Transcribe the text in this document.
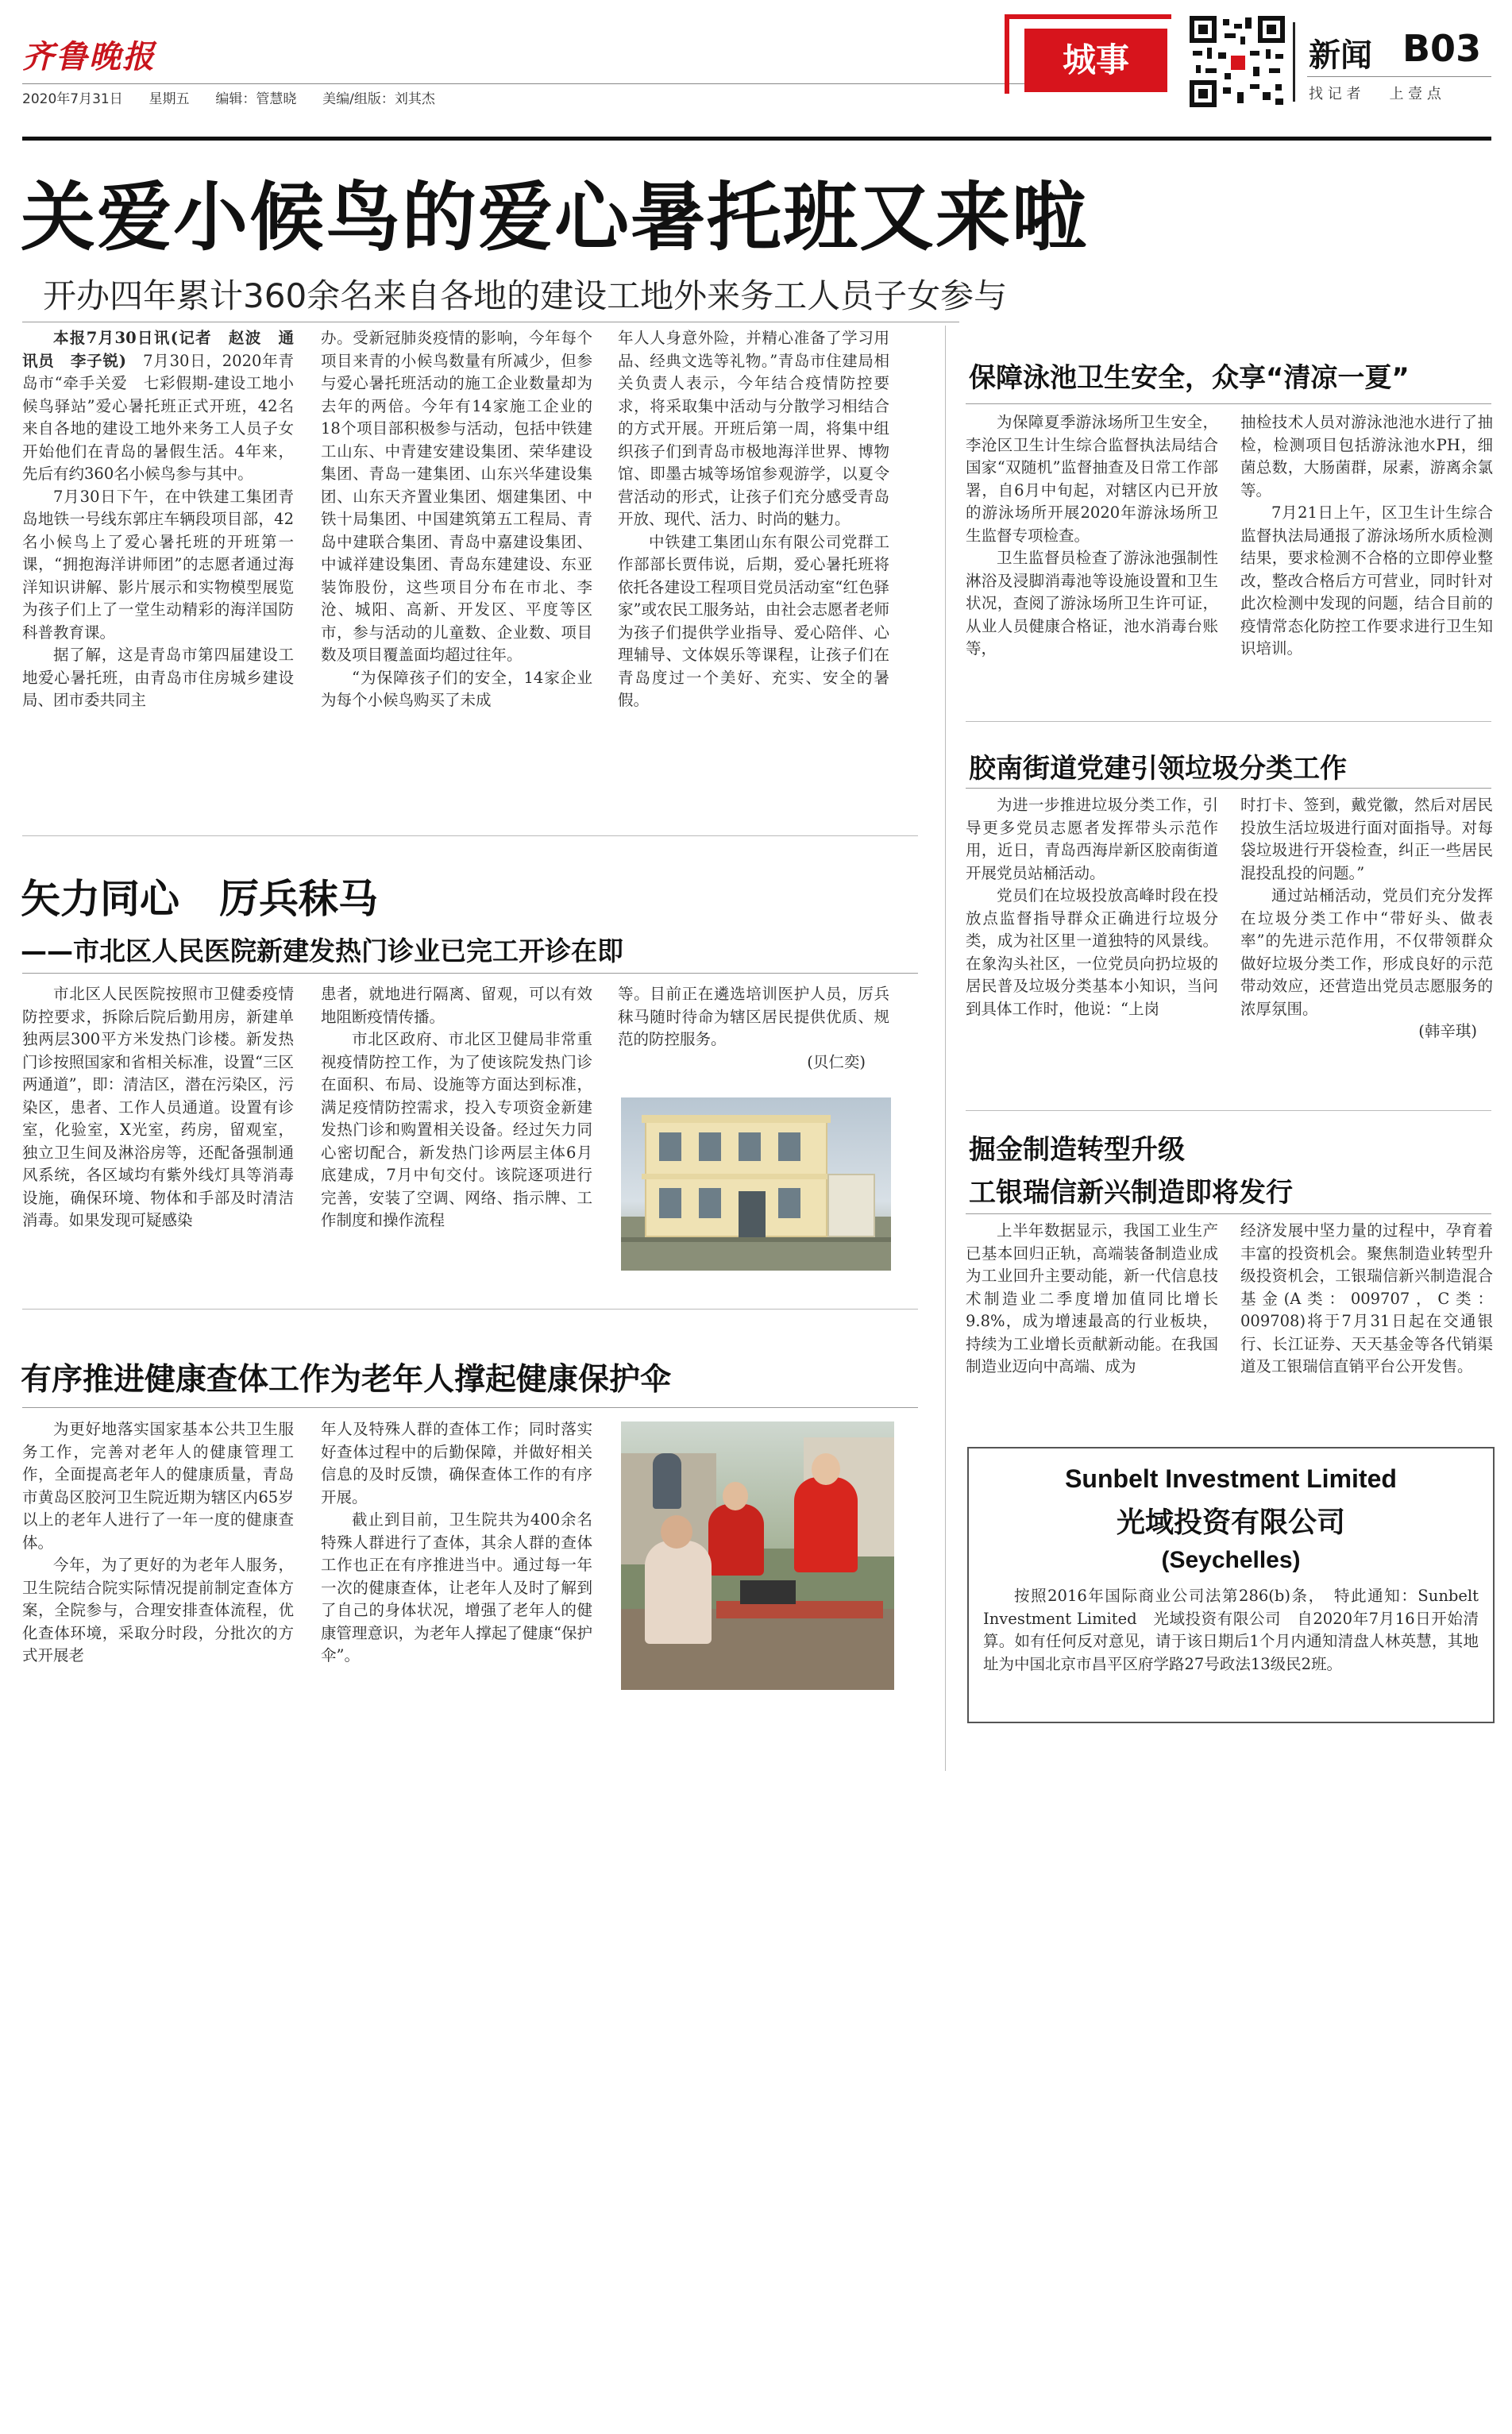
齐鲁晚报
2020年7月31日 星期五 编辑：管慧晓 美编/组版：刘其杰
城事	新闻 B03
找 记 者　　上 壹 点
关爱小候鸟的爱心暑托班又来啦
开办四年累计360余名来自各地的建设工地外来务工人员子女参与

本报7月30日讯(记者　赵波　通讯员　李子锐)　7月30日，2020年青岛市“牵手关爱　七彩假期-建设工地小候鸟驿站”爱心暑托班正式开班，42名来自各地的建设工地外来务工人员子女开始他们在青岛的暑假生活。4年来，先后有约360名小候鸟参与其中。

7月30日下午，在中铁建工集团青岛地铁一号线东郭庄车辆段项目部，42名小候鸟上了爱心暑托班的开班第一课，“拥抱海洋讲师团”的志愿者通过海洋知识讲解、影片展示和实物模型展览为孩子们上了一堂生动精彩的海洋国防科普教育课。

据了解，这是青岛市第四届建设工地爱心暑托班，由青岛市住房城乡建设局、团市委共同主

办。受新冠肺炎疫情的影响，今年每个项目来青的小候鸟数量有所减少，但参与爱心暑托班活动的施工企业数量却为去年的两倍。今年有14家施工企业的18个项目部积极参与活动，包括中铁建工山东、中青建安建设集团、荣华建设集团、青岛一建集团、山东兴华建设集团、山东天齐置业集团、烟建集团、中铁十局集团、中国建筑第五工程局、青岛中建联合集团、青岛中嘉建设集团、中诚祥建设集团、青岛东建建设、东亚装饰股份，这些项目分布在市北、李沧、城阳、高新、开发区、平度等区市，参与活动的儿童数、企业数、项目数及项目覆盖面均超过往年。

“为保障孩子们的安全，14家企业为每个小候鸟购买了未成

年人人身意外险，并精心准备了学习用品、经典文选等礼物。”青岛市住建局相关负责人表示，今年结合疫情防控要求，将采取集中活动与分散学习相结合的方式开展。开班后第一周，将集中组织孩子们到青岛市极地海洋世界、博物馆、即墨古城等场馆参观游学，以夏令营活动的形式，让孩子们充分感受青岛开放、现代、活力、时尚的魅力。

中铁建工集团山东有限公司党群工作部部长贾伟说，后期，爱心暑托班将依托各建设工程项目党员活动室“红色驿家”或农民工服务站，由社会志愿者老师为孩子们提供学业指导、爱心陪伴、心理辅导、文体娱乐等课程，让孩子们在青岛度过一个美好、充实、安全的暑假。

矢力同心　厉兵秣马
——市北区人民医院新建发热门诊业已完工开诊在即

市北区人民医院按照市卫健委疫情防控要求，拆除后院后勤用房，新建单独两层300平方米发热门诊楼。新发热门诊按照国家和省相关标准，设置“三区两通道”，即：清洁区，潜在污染区，污染区，患者、工作人员通道。设置有诊室，化验室，X光室，药房，留观室，独立卫生间及淋浴房等，还配备强制通风系统，各区域均有紫外线灯具等消毒设施，确保环境、物体和手部及时清洁消毒。如果发现可疑感染

患者，就地进行隔离、留观，可以有效地阻断疫情传播。

市北区政府、市北区卫健局非常重视疫情防控工作，为了使该院发热门诊在面积、布局、设施等方面达到标准，满足疫情防控需求，投入专项资金新建发热门诊和购置相关设备。经过矢力同心密切配合，新发热门诊两层主体6月底建成，7月中旬交付。该院逐项进行完善，安装了空调、网络、指示牌、工作制度和操作流程

等。目前正在遴选培训医护人员，厉兵秣马随时待命为辖区居民提供优质、规范的防控服务。

(贝仁奕)
有序推进健康查体工作为老年人撑起健康保护伞

为更好地落实国家基本公共卫生服务工作，完善对老年人的健康管理工作，全面提高老年人的健康质量，青岛市黄岛区胶河卫生院近期为辖区内65岁以上的老年人进行了一年一度的健康查体。

今年，为了更好的为老年人服务，卫生院结合院实际情况提前制定查体方案，全院参与，合理安排查体流程，优化查体环境，采取分时段，分批次的方式开展老

年人及特殊人群的查体工作；同时落实好查体过程中的后勤保障，并做好相关信息的及时反馈，确保查体工作的有序开展。

截止到目前，卫生院共为400余名特殊人群进行了查体，其余人群的查体工作也正在有序推进当中。通过每一年一次的健康查体，让老年人及时了解到了自己的身体状况，增强了老年人的健康管理意识，为老年人撑起了健康“保护伞”。

保障泳池卫生安全，众享“清凉一夏”

为保障夏季游泳场所卫生安全，李沧区卫生计生综合监督执法局结合国家“双随机”监督抽查及日常工作部署，自6月中旬起，对辖区内已开放的游泳场所开展2020年游泳场所卫生监督专项检查。

卫生监督员检查了游泳池强制性淋浴及浸脚消毒池等设施设置和卫生状况，查阅了游泳场所卫生许可证，从业人员健康合格证，池水消毒台账等，

抽检技术人员对游泳池池水进行了抽检，检测项目包括游泳池水PH，细菌总数，大肠菌群，尿素，游离余氯等。

7月21日上午，区卫生计生综合监督执法局通报了游泳场所水质检测结果，要求检测不合格的立即停业整改，整改合格后方可营业，同时针对此次检测中发现的问题，结合目前的疫情常态化防控工作要求进行卫生知识培训。

胶南街道党建引领垃圾分类工作

为进一步推进垃圾分类工作，引导更多党员志愿者发挥带头示范作用，近日，青岛西海岸新区胶南街道开展党员站桶活动。

党员们在垃圾投放高峰时段在投放点监督指导群众正确进行垃圾分类，成为社区里一道独特的风景线。在象沟头社区，一位党员向扔垃圾的居民普及垃圾分类基本小知识，当问到具体工作时，他说：“上岗

时打卡、签到，戴党徽，然后对居民投放生活垃圾进行面对面指导。对每袋垃圾进行开袋检查，纠正一些居民混投乱投的问题。”

通过站桶活动，党员们充分发挥在垃圾分类工作中“带好头、做表率”的先进示范作用，不仅带领群众做好垃圾分类工作，形成良好的示范带动效应，还营造出党员志愿服务的浓厚氛围。

(韩辛琪)
掘金制造转型升级
工银瑞信新兴制造即将发行

上半年数据显示，我国工业生产已基本回归正轨，高端装备制造业成为工业回升主要动能，新一代信息技术制造业二季度增加值同比增长9.8%，成为增速最高的行业板块，持续为工业增长贡献新动能。在我国制造业迈向中高端、成为

经济发展中坚力量的过程中，孕育着丰富的投资机会。聚焦制造业转型升级投资机会，工银瑞信新兴制造混合基金(A类：009707，C类：009708)将于7月31日起在交通银行、长江证券、天天基金等各代销渠道及工银瑞信直销平台公开发售。

Sunbelt Investment Limited
光域投资有限公司
(Seychelles)
按照2016年国际商业公司法第286(b)条，　特此通知：Sunbelt Investment Limited　光域投资有限公司　自2020年7月16日开始清算。如有任何反对意见，请于该日期后1个月内通知清盘人林英慧，其地址为中国北京市昌平区府学路27号政法13级民2班。
